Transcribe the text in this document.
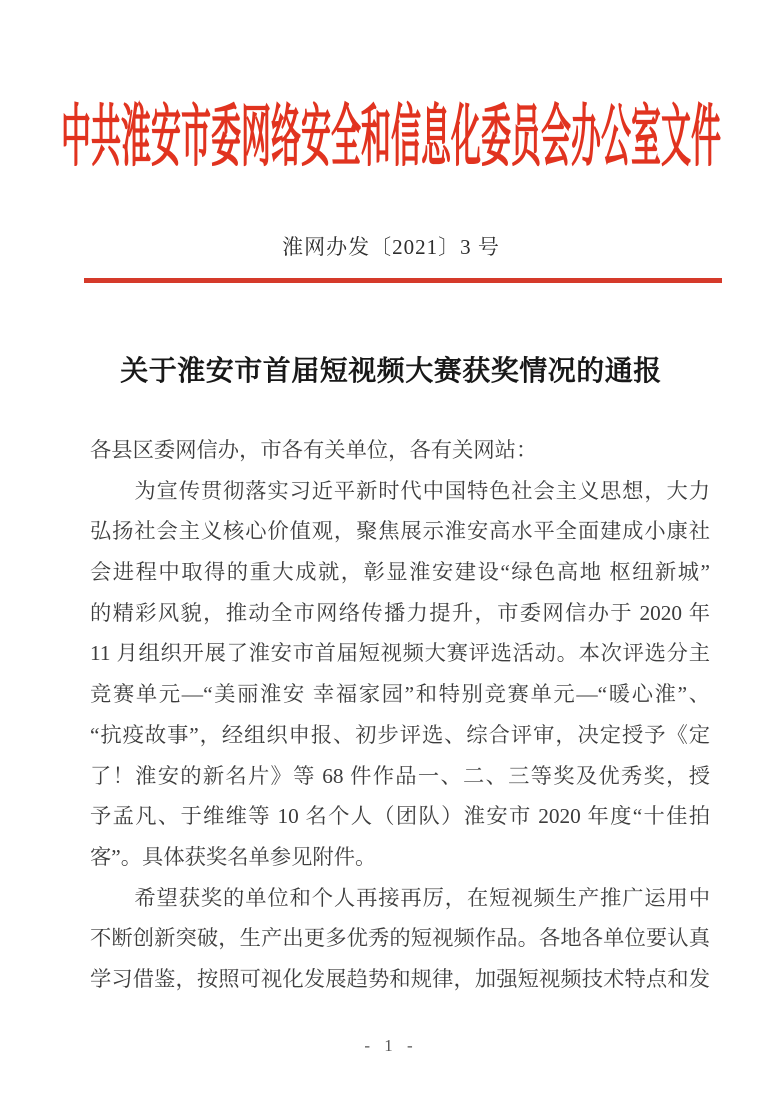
中共淮安市委网络安全和信息化委员会办公室文件
淮网办发〔2021〕3 号
关于淮安市首届短视频大赛获奖情况的通报
各县区委网信办，市各有关单位，各有关网站：
　　为宣传贯彻落实习近平新时代中国特色社会主义思想，大力
弘扬社会主义核心价值观，聚焦展示淮安高水平全面建成小康社
会进程中取得的重大成就，彰显淮安建设“绿色高地 枢纽新城”
的精彩风貌，推动全市网络传播力提升，市委网信办于 2020 年
11 月组织开展了淮安市首届短视频大赛评选活动。本次评选分主
竞赛单元—“美丽淮安 幸福家园”和特别竞赛单元—“暖心淮”、
“抗疫故事”，经组织申报、初步评选、综合评审，决定授予《定
了！淮安的新名片》等 68 件作品一、二、三等奖及优秀奖，授
予孟凡、于维维等 10 名个人（团队）淮安市 2020 年度“十佳拍
客”。具体获奖名单参见附件。
　　希望获奖的单位和个人再接再厉，在短视频生产推广运用中
不断创新突破，生产出更多优秀的短视频作品。各地各单位要认真
学习借鉴，按照可视化发展趋势和规律，加强短视频技术特点和发
- 1 -
